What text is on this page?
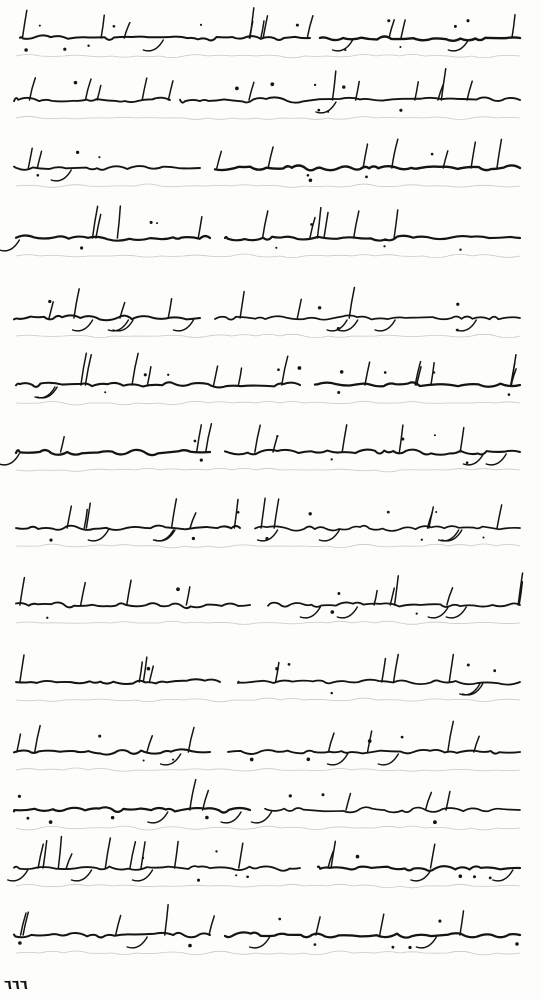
٦٦٦
